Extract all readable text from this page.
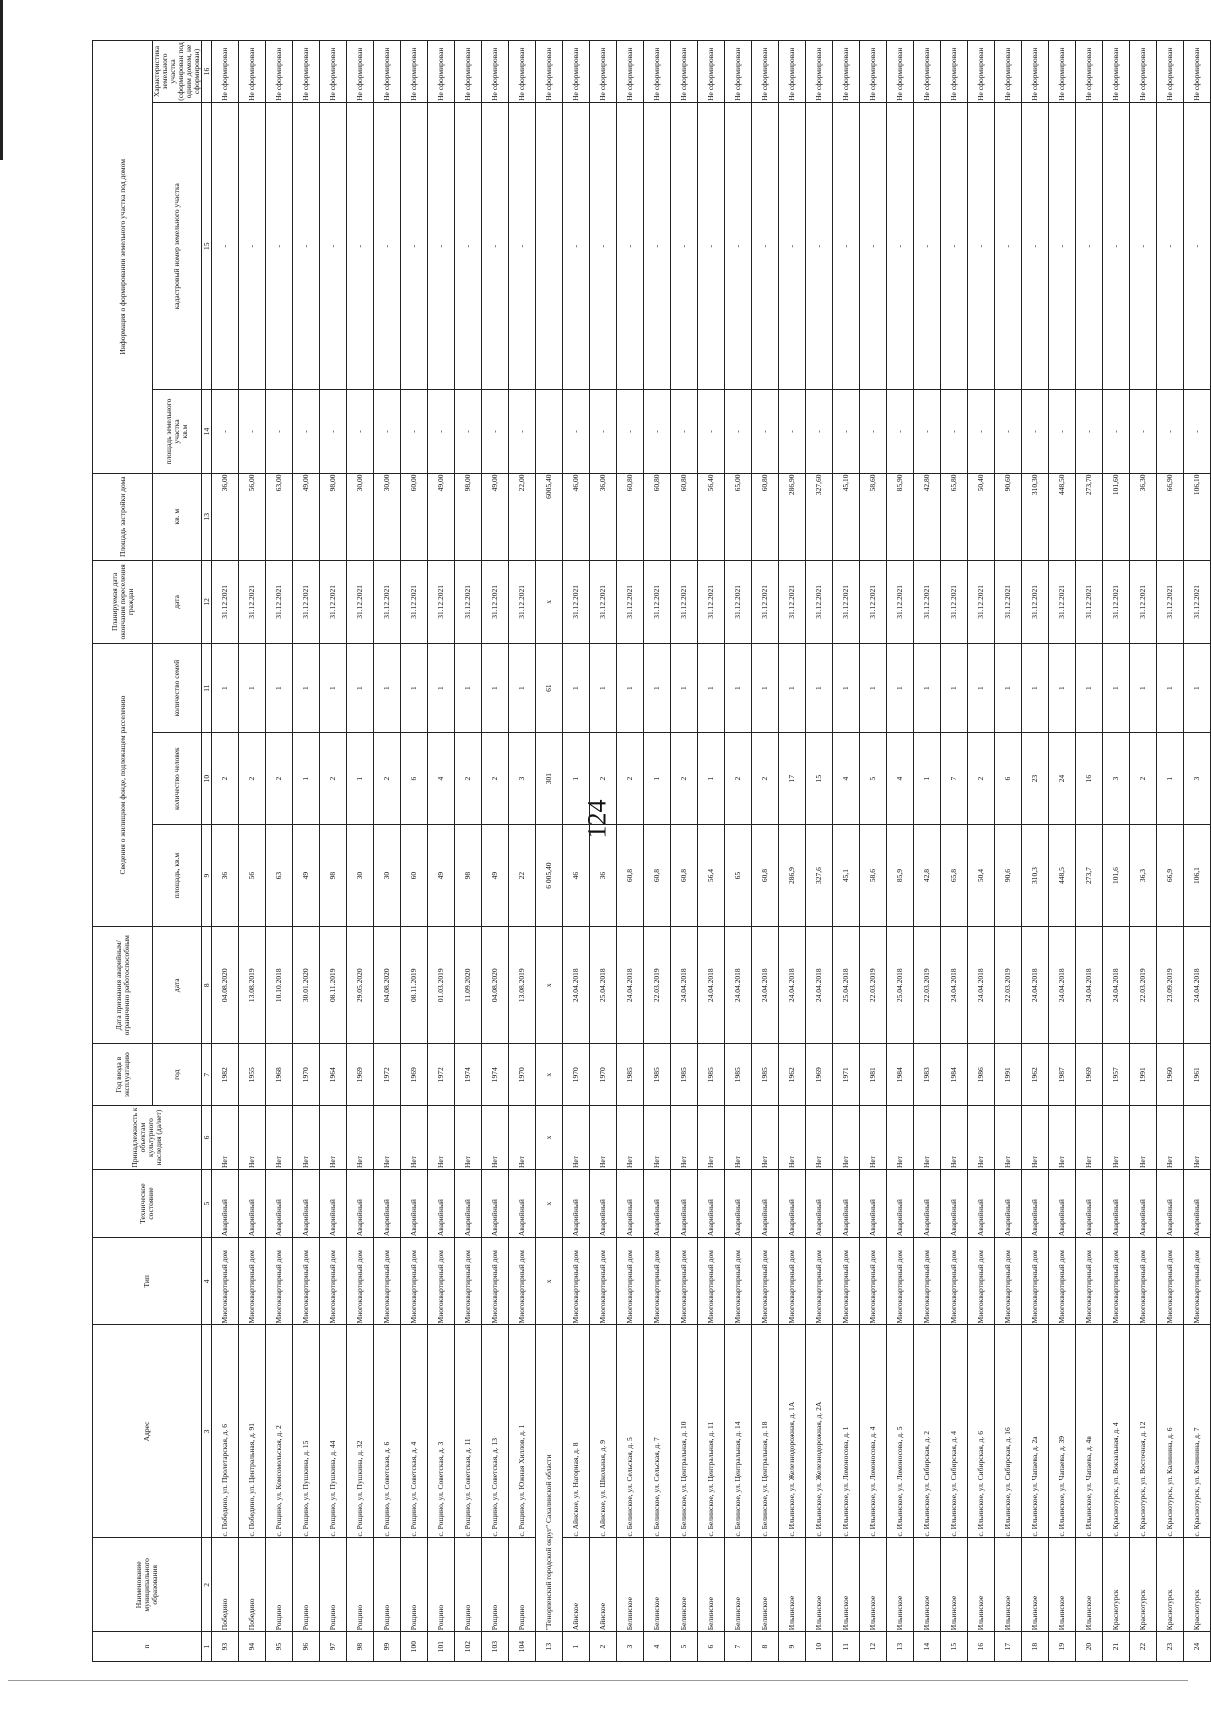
124
п	Наименование муниципального образования	Адрес	Тип	Техническое состояние	Принадлежность к объектам культурного наследия (да/нет)	Год ввода в эксплуатацию	Дата признания аварийным/ограниченно работоспособным	Сведения о жилищном фонде, подлежащем расселению			Планируемая дата окончания переселения граждан	Площадь застройки дома	Информация о формировании земельного участка под домом		

						год	дата	площадь, кв.м	количество человек	количество семей	дата	кв. м	площадь земельного участка кв.м	кадастровый номер земельного участка	Характеристика земельного участка (сформирован под одним домом, не сформирован)
1	2	3	4	5	6	7	8	9	10	11	12	13	14	15	16
93	Победино	с. Победино, ул. Пролетарская, д. 6	Многоквартирный дом	Аварийный	Нет	1982	04.08.2020	36	2	1	31.12.2021	36,00	-	-	Не сформирован
94	Победино	с. Победино, ул. Центральная, д. 91	Многоквартирный дом	Аварийный	Нет	1955	13.08.2019	56	2	1	31.12.2021	56,00	-	-	Не сформирован
95	Рощино	с. Рощино, ул. Комсомольская, д. 2	Многоквартирный дом	Аварийный	Нет	1968	10.10.2018	63	2	1	31.12.2021	63,00	-	-	Не сформирован
96	Рощино	с. Рощино, ул. Пушкина, д. 15	Многоквартирный дом	Аварийный	Нет	1970	30.01.2020	49	1	1	31.12.2021	49,00	-	-	Не сформирован
97	Рощино	с. Рощино, ул. Пушкина, д. 44	Многоквартирный дом	Аварийный	Нет	1964	08.11.2019	98	2	1	31.12.2021	98,00	-	-	Не сформирован
98	Рощино	с. Рощино, ул. Пушкина, д. 32	Многоквартирный дом	Аварийный	Нет	1969	29.05.2020	30	1	1	31.12.2021	30,00	-	-	Не сформирован
99	Рощино	с. Рощино, ул. Советская, д. 6	Многоквартирный дом	Аварийный	Нет	1972	04.08.2020	30	2	1	31.12.2021	30,00	-	-	Не сформирован
100	Рощино	с. Рощино, ул. Советская, д. 4	Многоквартирный дом	Аварийный	Нет	1969	08.11.2019	60	6	1	31.12.2021	60,00	-	-	Не сформирован
101	Рощино	с. Рощино, ул. Советская, д. 3	Многоквартирный дом	Аварийный	Нет	1972	01.03.2019	49	4	1	31.12.2021	49,00	-	-	Не сформирован
102	Рощино	с. Рощино, ул. Советская, д. 11	Многоквартирный дом	Аварийный	Нет	1974	11.09.2020	98	2	1	31.12.2021	98,00	-	-	Не сформирован
103	Рощино	с. Рощино, ул. Советская, д. 13	Многоквартирный дом	Аварийный	Нет	1974	04.08.2020	49	2	1	31.12.2021	49,00	-	-	Не сформирован
104	Рощино	с. Рощино, ул. Южная Хиллов, д. 1	Многоквартирный дом	Аварийный	Нет	1970	13.08.2019	22	3	1	31.12.2021	22,00	-	-	Не сформирован
13	"Тенорпенский городской округ" Сахалинской области		x	x	x	x	x	6 005,40	301	61	x	6005,40			Не сформирован
1	Айнское	с. Айнское, ул. Нагорная, д. 8	Многоквартирный дом	Аварийный	Нет	1970	24.04.2018	46	1	1	31.12.2021	46,00	-	-	Не сформирован
2	Айнское	с. Айнское, ул. Школьная, д. 9	Многоквартирный дом	Аварийный	Нет	1970	25.04.2018	36	2	1	31.12.2021	36,00	-	-	Не сформирован
3	Белинское	с. Белинское, ул. Сельская, д. 5	Многоквартирный дом	Аварийный	Нет	1985	24.04.2018	60,8	2	1	31.12.2021	60,80	-	-	Не сформирован
4	Белинское	с. Белинское, ул. Сельская, д. 7	Многоквартирный дом	Аварийный	Нет	1985	22.03.2019	60,8	1	1	31.12.2021	60,80	-	-	Не сформирован
5	Белинское	с. Белинское, ул. Центральная, д. 10	Многоквартирный дом	Аварийный	Нет	1985	24.04.2018	60,8	2	1	31.12.2021	60,80	-	-	Не сформирован
6	Белинское	с. Белинское, ул. Центральная, д. 11	Многоквартирный дом	Аварийный	Нет	1985	24.04.2018	56,4	1	1	31.12.2021	56,40	-	-	Не сформирован
7	Белинское	с. Белинское, ул. Центральная, д. 14	Многоквартирный дом	Аварийный	Нет	1985	24.04.2018	65	2	1	31.12.2021	65,00	-	-	Не сформирован
8	Белинское	с. Белинское, ул. Центральная, д. 18	Многоквартирный дом	Аварийный	Нет	1985	24.04.2018	60,8	2	1	31.12.2021	60,80	-	-	Не сформирован
9	Ильинское	с. Ильинское, ул. Железнодорожная, д. 1А	Многоквартирный дом	Аварийный	Нет	1962	24.04.2018	286,9	17	1	31.12.2021	286,90	-	-	Не сформирован
10	Ильинское	с. Ильинское, ул. Железнодорожная, д. 2А	Многоквартирный дом	Аварийный	Нет	1969	24.04.2018	327,6	15	1	31.12.2021	327,60	-	-	Не сформирован
11	Ильинское	с. Ильинское, ул. Ломоносова, д. 1	Многоквартирный дом	Аварийный	Нет	1971	25.04.2018	45,1	4	1	31.12.2021	45,10	-	-	Не сформирован
12	Ильинское	с. Ильинское, ул. Ломоносова, д. 4	Многоквартирный дом	Аварийный	Нет	1981	22.03.2019	58,6	5	1	31.12.2021	58,60	-	-	Не сформирован
13	Ильинское	с. Ильинское, ул. Ломоносова, д. 5	Многоквартирный дом	Аварийный	Нет	1984	25.04.2018	85,9	4	1	31.12.2021	85,90	-	-	Не сформирован
14	Ильинское	с. Ильинское, ул. Сибирская, д. 2	Многоквартирный дом	Аварийный	Нет	1983	22.03.2019	42,8	1	1	31.12.2021	42,80	-	-	Не сформирован
15	Ильинское	с. Ильинское, ул. Сибирская, д. 4	Многоквартирный дом	Аварийный	Нет	1984	24.04.2018	65,8	7	1	31.12.2021	65,80	-	-	Не сформирован
16	Ильинское	с. Ильинское, ул. Сибирская, д. 6	Многоквартирный дом	Аварийный	Нет	1986	24.04.2018	50,4	2	1	31.12.2021	50,40	-	-	Не сформирован
17	Ильинское	с. Ильинское, ул. Сибирская, д. 16	Многоквартирный дом	Аварийный	Нет	1991	22.03.2019	90,6	6	1	31.12.2021	90,60	-	-	Не сформирован
18	Ильинское	с. Ильинское, ул. Чапаева, д. 2а	Многоквартирный дом	Аварийный	Нет	1962	24.04.2018	310,3	23	1	31.12.2021	310,30	-	-	Не сформирован
19	Ильинское	с. Ильинское, ул. Чапаева, д. 39	Многоквартирный дом	Аварийный	Нет	1987	24.04.2018	448,5	24	1	31.12.2021	448,50	-	-	Не сформирован
20	Ильинское	с. Ильинское, ул. Чапаева, д. 4в	Многоквартирный дом	Аварийный	Нет	1969	24.04.2018	273,7	16	1	31.12.2021	273,70	-	-	Не сформирован
21	Краснотурск	с. Краснотурск, ул. Вокзальная, д. 4	Многоквартирный дом	Аварийный	Нет	1957	24.04.2018	101,6	3	1	31.12.2021	101,60	-	-	Не сформирован
22	Краснотурск	с. Краснотурск, ул. Восточная, д. 12	Многоквартирный дом	Аварийный	Нет	1991	22.03.2019	36,3	2	1	31.12.2021	36,30	-	-	Не сформирован
23	Краснотурск	с. Краснотурск, ул. Калинина, д. 6	Многоквартирный дом	Аварийный	Нет	1960	23.09.2019	66,9	1	1	31.12.2021	66,90	-	-	Не сформирован
24	Краснотурск	с. Краснотурск, ул. Калинина, д. 7	Многоквартирный дом	Аварийный	Нет	1961	24.04.2018	106,1	3	1	31.12.2021	106,10	-	-	Не сформирован
